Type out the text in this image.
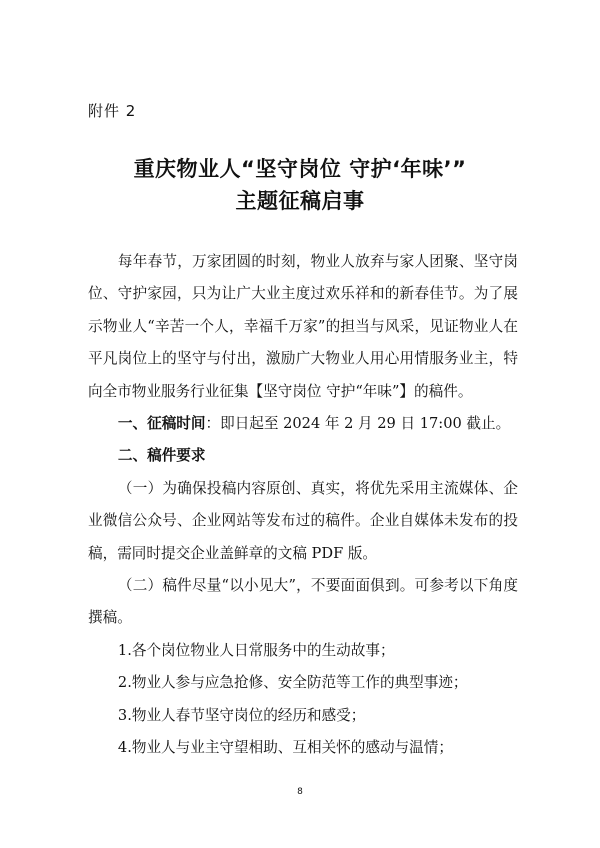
附件 2
重庆物业人“坚守岗位 守护‘年味’”
主题征稿启事

每年春节，万家团圆的时刻，物业人放弃与家人团聚、坚守岗位、守护家园，只为让广大业主度过欢乐祥和的新春佳节。为了展示物业人“辛苦一个人，幸福千万家”的担当与风采，见证物业人在平凡岗位上的坚守与付出，激励广大物业人用心用情服务业主，特向全市物业服务行业征集【坚守岗位 守护“年味”】的稿件。

一、征稿时间：即日起至 2024 年 2 月 29 日 17:00 截止。

二、稿件要求

（一）为确保投稿内容原创、真实，将优先采用主流媒体、企业微信公众号、企业网站等发布过的稿件。企业自媒体未发布的投稿，需同时提交企业盖鲜章的文稿 PDF 版。

（二）稿件尽量“以小见大”，不要面面俱到。可参考以下角度撰稿。

1.各个岗位物业人日常服务中的生动故事；

2.物业人参与应急抢修、安全防范等工作的典型事迹；

3.物业人春节坚守岗位的经历和感受；

4.物业人与业主守望相助、互相关怀的感动与温情；

8
